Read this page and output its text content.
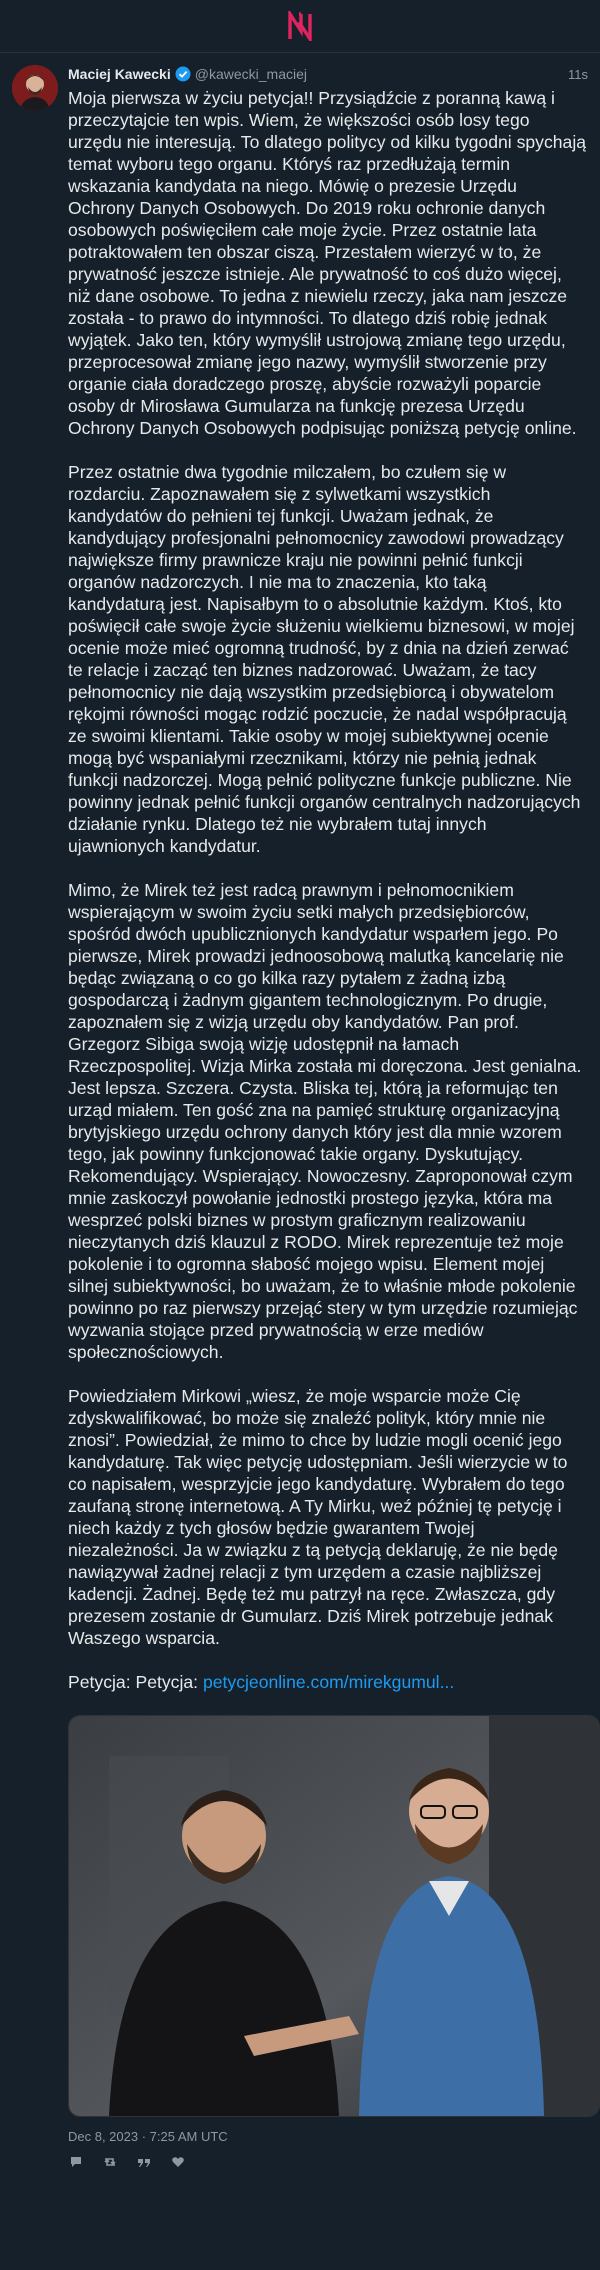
Maciej Kawecki @kawecki_maciej	11s

Moja pierwsza w życiu petycja!! Przysiądźcie z poranną kawą i przeczytajcie ten wpis. Wiem, że większości osób losy tego urzędu nie interesują. To dlatego politycy od kilku tygodni spychają temat wyboru tego organu. Któryś raz przedłużają termin wskazania kandydata na niego. Mówię o prezesie Urzędu Ochrony Danych Osobowych. Do 2019 roku ochronie danych osobowych poświęciłem całe moje życie. Przez ostatnie lata potraktowałem ten obszar ciszą. Przestałem wierzyć w to, że prywatność jeszcze istnieje. Ale prywatność to coś dużo więcej, niż dane osobowe. To jedna z niewielu rzeczy, jaka nam jeszcze została - to prawo do intymności. To dlatego dziś robię jednak wyjątek. Jako ten, który wymyślił ustrojową zmianę tego urzędu, przeprocesował zmianę jego nazwy, wymyślił stworzenie przy organie ciała doradczego proszę, abyście rozważyli poparcie osoby dr Mirosława Gumularza na funkcję prezesa Urzędu Ochrony Danych Osobowych podpisując poniższą petycję online.

Przez ostatnie dwa tygodnie milczałem, bo czułem się w rozdarciu. Zapoznawałem się z sylwetkami wszystkich kandydatów do pełnieni tej funkcji. Uważam jednak, że kandydujący profesjonalni pełnomocnicy zawodowi prowadzący największe firmy prawnicze kraju nie powinni pełnić funkcji organów nadzorczych. I nie ma to znaczenia, kto taką kandydaturą jest. Napisałbym to o absolutnie każdym. Ktoś, kto poświęcił całe swoje życie służeniu wielkiemu biznesowi, w mojej ocenie może mieć ogromną trudność, by z dnia na dzień zerwać te relacje i zacząć ten biznes nadzorować. Uważam, że tacy pełnomocnicy nie dają wszystkim przedsiębiorcą i obywatelom rękojmi równości mogąc rodzić poczucie, że nadal współpracują ze swoimi klientami. Takie osoby w mojej subiektywnej ocenie mogą być wspaniałymi rzecznikami, którzy nie pełnią jednak funkcji nadzorczej. Mogą pełnić polityczne funkcje publiczne. Nie powinny jednak pełnić funkcji organów centralnych nadzorujących działanie rynku. Dlatego też nie wybrałem tutaj innych ujawnionych kandydatur.

Mimo, że Mirek też jest radcą prawnym i pełnomocnikiem wspierającym w swoim życiu setki małych przedsiębiorców, spośród dwóch upublicznionych kandydatur wsparłem jego. Po pierwsze, Mirek prowadzi jednoosobową malutką kancelarię nie będąc związaną o co go kilka razy pytałem z żadną izbą gospodarczą i żadnym gigantem technologicznym. Po drugie, zapoznałem się z wizją urzędu oby kandydatów. Pan prof. Grzegorz Sibiga swoją wizję udostępnił na łamach Rzeczpospolitej. Wizja Mirka została mi doręczona. Jest genialna. Jest lepsza. Szczera. Czysta. Bliska tej, którą ja reformując ten urząd miałem. Ten gość zna na pamięć strukturę organizacyjną brytyjskiego urzędu ochrony danych który jest dla mnie wzorem tego, jak powinny funkcjonować takie organy. Dyskutujący. Rekomendujący. Wspierający. Nowoczesny. Zaproponował czym mnie zaskoczył powołanie jednostki prostego języka, która ma wesprzeć polski biznes w prostym graficznym realizowaniu nieczytanych dziś klauzul z RODO. Mirek reprezentuje też moje pokolenie i to ogromna słabość mojego wpisu. Element mojej silnej subiektywności, bo uważam, że to właśnie młode pokolenie powinno po raz pierwszy przejąć stery w tym urzędzie rozumiejąc wyzwania stojące przed prywatnością w erze mediów społecznościowych.

Powiedziałem Mirkowi „wiesz, że moje wsparcie może Cię zdyskwalifikować, bo może się znaleźć polityk, który mnie nie znosi”. Powiedział, że mimo to chce by ludzie mogli ocenić jego kandydaturę. Tak więc petycję udostępniam. Jeśli wierzycie w to co napisałem, wesprzyjcie jego kandydaturę. Wybrałem do tego zaufaną stronę internetową. A Ty Mirku, weź później tę petycję i niech każdy z tych głosów będzie gwarantem Twojej niezależności. Ja w związku z tą petycją deklaruję, że nie będę nawiązywał żadnej relacji z tym urzędem a czasie najbliższej kadencji. Żadnej. Będę też mu patrzył na ręce. Zwłaszcza, gdy prezesem zostanie dr Gumularz. Dziś Mirek potrzebuje jednak Waszego wsparcia.

Petycja: Petycja: petycjeonline.com/mirekgumul...

Dec 8, 2023 · 7:25 AM UTC
